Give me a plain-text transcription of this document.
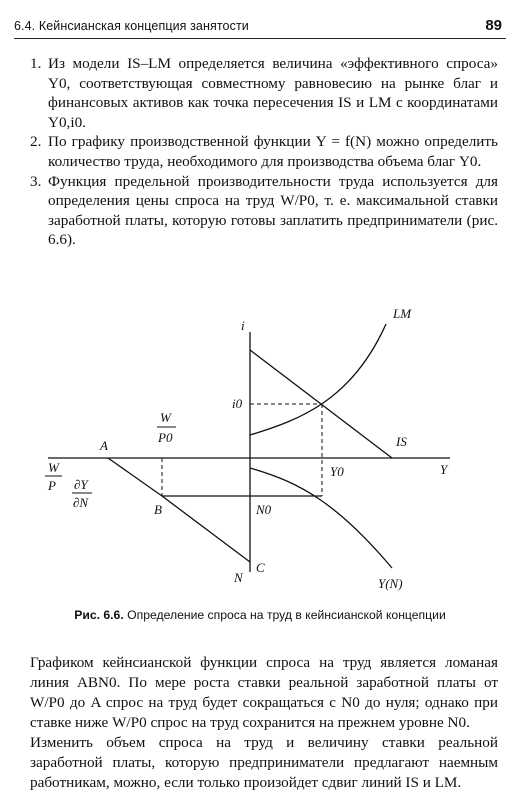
6.4. Кейнсианская концепция занятости	89
1. Из модели IS–LM определяется величина «эффективного спроса» Y0, соответствующая совместному равновесию на рынке благ и финансовых активов как точка пересечения IS и LM с координатами Y0,i0.
2. По графику производственной функции Y = f(N) можно определить количество труда, необходимого для производства объема благ Y0.
3. Функция предельной производительности труда используется для определения цены спроса на труд W/P0, т. е. максимальной ставки заработной платы, которую готовы заплатить предприниматели (рис. 6.6).
i
LM
IS
i0
Y
Y0
A
B
C
N
N0
W
P0
W
P ∂Y
∂N
Y(N)
Рис. 6.6. Определение спроса на труд в кейнсианской концепции

Графиком кейнсианской функции спроса на труд является ломаная линия ABN0. По мере роста ставки реальной заработной платы от W/P0 до A спрос на труд будет сокращаться с N0 до нуля; однако при ставке ниже W/P0 спрос на труд сохранится на прежнем уровне N0.

Изменить объем спроса на труд и величину ставки реальной заработной платы, которую предприниматели предлагают наемным работникам, можно, если только произойдет сдвиг линий IS и LM.
